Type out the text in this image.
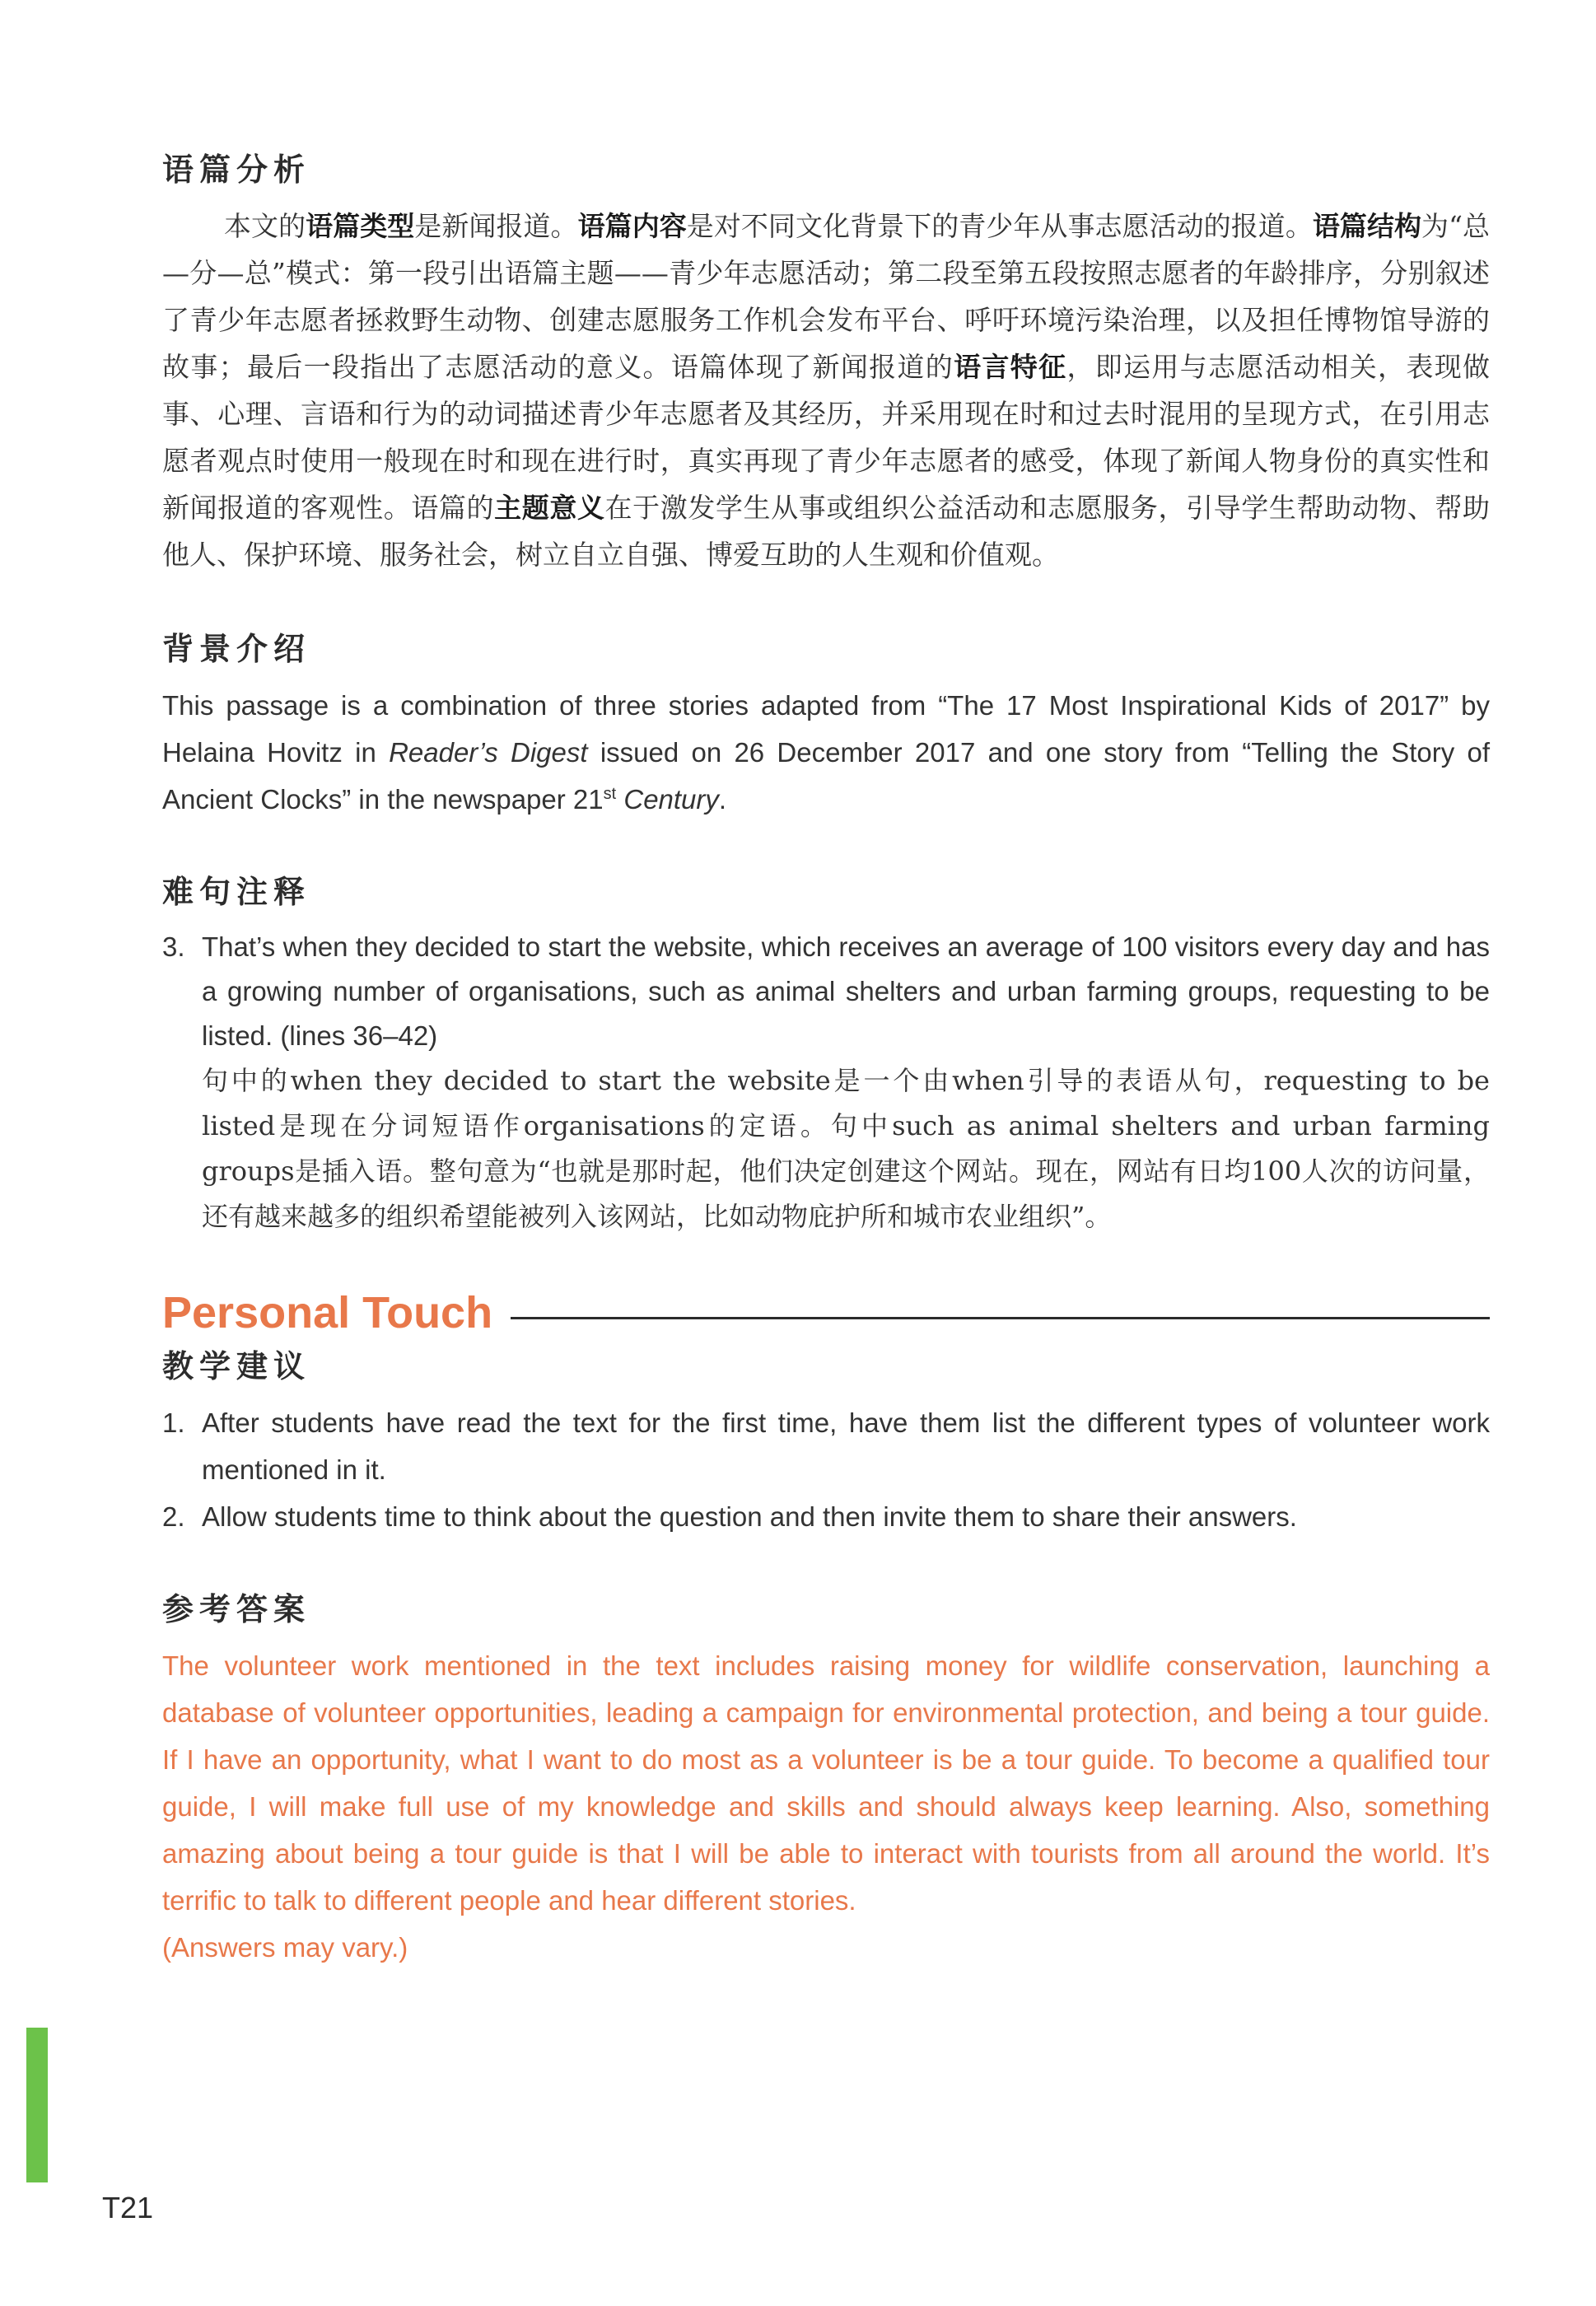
语篇分析

本文的语篇类型是新闻报道。语篇内容是对不同文化背景下的青少年从事志愿活动的报道。语篇结构为“总—分—总”模式：第一段引出语篇主题——青少年志愿活动；第二段至第五段按照志愿者的年龄排序，分别叙述了青少年志愿者拯救野生动物、创建志愿服务工作机会发布平台、呼吁环境污染治理，以及担任博物馆导游的故事；最后一段指出了志愿活动的意义。语篇体现了新闻报道的语言特征，即运用与志愿活动相关，表现做事、心理、言语和行为的动词描述青少年志愿者及其经历，并采用现在时和过去时混用的呈现方式，在引用志愿者观点时使用一般现在时和现在进行时，真实再现了青少年志愿者的感受，体现了新闻人物身份的真实性和新闻报道的客观性。语篇的主题意义在于激发学生从事或组织公益活动和志愿服务，引导学生帮助动物、帮助他人、保护环境、服务社会，树立自立自强、博爱互助的人生观和价值观。

背景介绍

This passage is a combination of three stories adapted from “The 17 Most Inspirational Kids of 2017” by Helaina Hovitz in Reader’s Digest issued on 26 December 2017 and one story from “Telling the Story of Ancient Clocks” in the newspaper 21st Century.

难句注释
3. That’s when they decided to start the website, which receives an average of 100 visitors every day and has a growing number of organisations, such as animal shelters and urban farming groups, requesting to be listed. (lines 36–42)
句中的when they decided to start the website是一个由when引导的表语从句，requesting to be listed是现在分词短语作organisations的定语。句中such as animal shelters and urban farming groups是插入语。整句意为“也就是那时起，他们决定创建这个网站。现在，网站有日均100人次的访问量，还有越来越多的组织希望能被列入该网站，比如动物庇护所和城市农业组织”。
Personal Touch
教学建议
1. After students have read the text for the first time, have them list the different types of volunteer work mentioned in it.
2. Allow students time to think about the question and then invite them to share their answers.
参考答案

The volunteer work mentioned in the text includes raising money for wildlife conservation, launching a database of volunteer opportunities, leading a campaign for environmental protection, and being a tour guide. If I have an opportunity, what I want to do most as a volunteer is be a tour guide. To become a qualified tour guide, I will make full use of my knowledge and skills and should always keep learning. Also, something amazing about being a tour guide is that I will be able to interact with tourists from all around the world. It’s terrific to talk to different people and hear different stories.

(Answers may vary.)

T21
